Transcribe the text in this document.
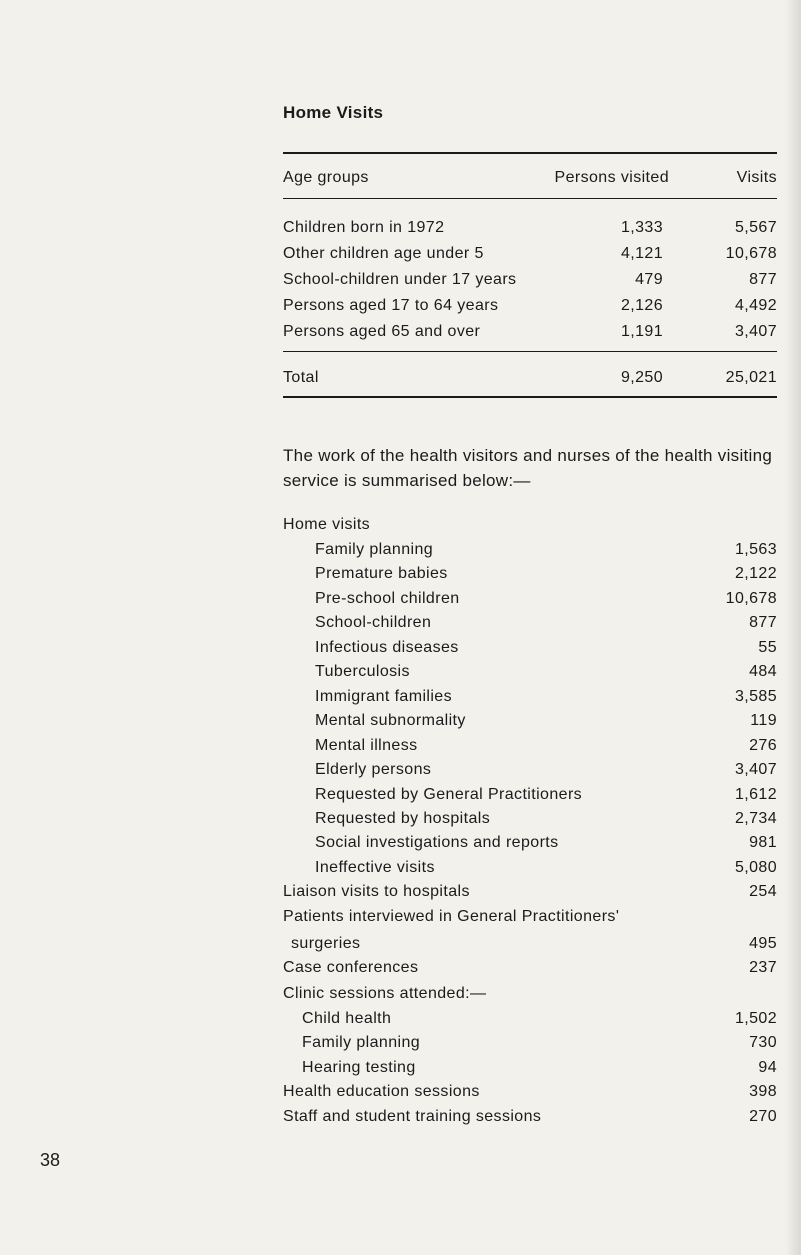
Home Visits
Age groups	Persons visited	Visits
Children born in 1972	1,333	5,567
Other children age under 5	4,121	10,678
School-children under 17 years	479	877
Persons aged 17 to 64 years	2,126	4,492
Persons aged 65 and over	1,191	3,407
Total	9,250	25,021
The work of the health visitors and nurses of the health visiting service is summarised below:—
Home visits
Family planning	1,563
Premature babies	2,122
Pre-school children	10,678
School-children	877
Infectious diseases	55
Tuberculosis	484
Immigrant families	3,585
Mental subnormality	119
Mental illness	276
Elderly persons	3,407
Requested by General Practitioners	1,612
Requested by hospitals	2,734
Social investigations and reports	981
Ineffective visits	5,080
Liaison visits to hospitals	254
Patients interviewed in General Practitioners'
surgeries	495
Case conferences	237
Clinic sessions attended:—
Child health	1,502
Family planning	730
Hearing testing	94
Health education sessions	398
Staff and student training sessions	270
38
